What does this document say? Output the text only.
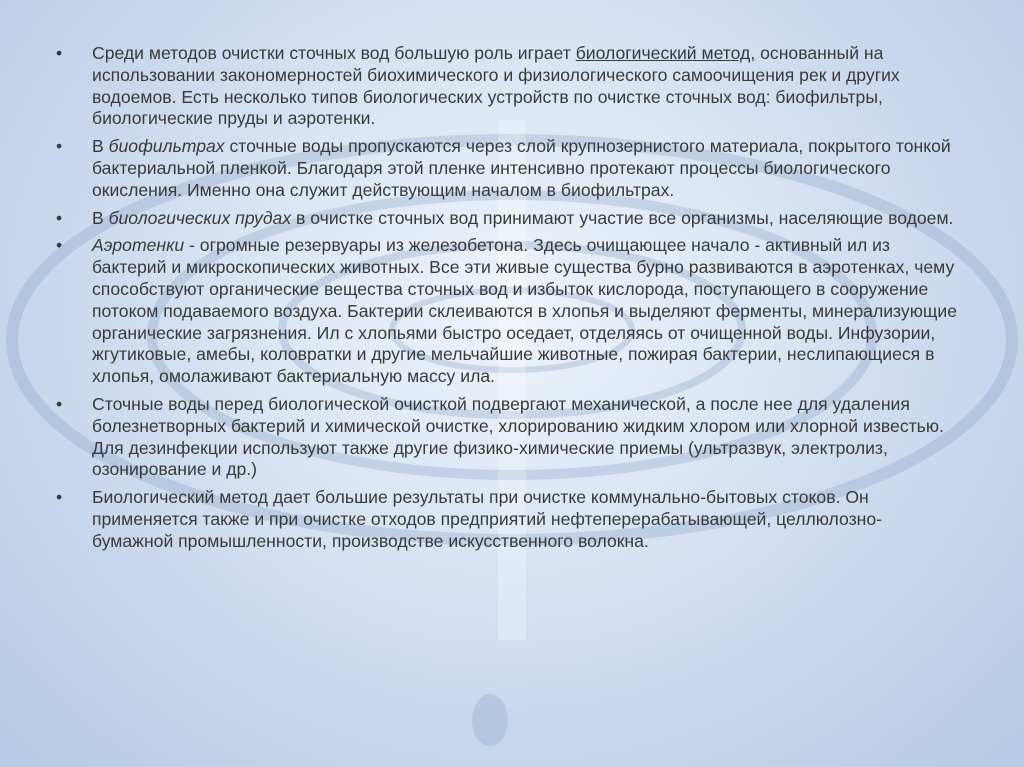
• Среди методов очистки сточных вод большую роль играет биологический метод, основанный на использовании закономерностей биохимического и физиологического самоочищения рек и других водоемов. Есть несколько типов биологических устройств по очистке сточных вод: биофильтры, биологические пруды и аэротенки.
• В биофильтрах сточные воды пропускаются через слой крупнозернистого материала, покрытого тонкой бактериальной пленкой. Благодаря этой пленке интенсивно протекают процессы биологического окисления. Именно она служит действующим началом в биофильтрах.
• В биологических прудах в очистке сточных вод принимают участие все организмы, населяющие водоем.
• Аэротенки - огромные резервуары из железобетона. Здесь очищающее начало - активный ил из бактерий и микроскопических животных. Все эти живые существа бурно развиваются в аэротенках, чему способствуют органические вещества сточных вод и избыток кислорода, поступающего в сооружение потоком подаваемого воздуха. Бактерии склеиваются в хлопья и выделяют ферменты, минерализующие органические загрязнения. Ил с хлопьями быстро оседает, отделяясь от очищенной воды. Инфузории, жгутиковые, амебы, коловратки и другие мельчайшие животные, пожирая бактерии, неслипающиеся в хлопья, омолаживают бактериальную массу ила.
• Сточные воды перед биологической очисткой подвергают механической, а после нее для удаления болезнетворных бактерий и химической очистке, хлорированию жидким хлором или хлорной известью. Для дезинфекции используют также другие физико-химические приемы (ультразвук, электролиз, озонирование и др.)
• Биологический метод дает большие результаты при очистке коммунально-бытовых стоков. Он применяется также и при очистке отходов предприятий нефтеперерабатывающей, целлюлозно-бумажной промышленности, производстве искусственного волокна.
